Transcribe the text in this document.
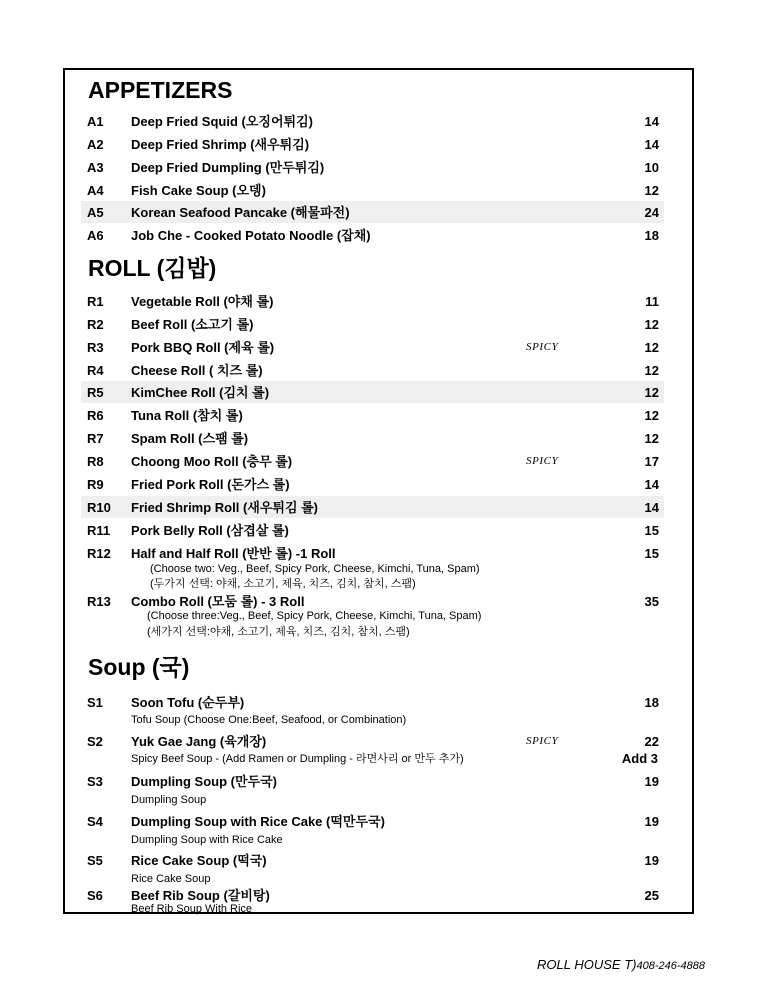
APPETIZERS
A1 Deep Fried Squid (오징어튀김)	14
A2 Deep Fried Shrimp (새우튀김)	14
A3 Deep Fried Dumpling (만두튀김)	10
A4 Fish Cake Soup (오뎅)	12
A5 Korean Seafood Pancake (해물파전)	24
A6 Job Che - Cooked Potato Noodle (잡채)	18
ROLL (김밥)
R1 Vegetable Roll (야채 롤)	11
R2 Beef Roll (소고기 롤)	12
R3 Pork BBQ Roll (제육 롤)	SPICY	12
R4 Cheese Roll ( 치즈 롤)	12
R5 KimChee Roll (김치 롤)	12
R6 Tuna Roll (참치 롤)	12
R7 Spam Roll (스팸 롤)	12
R8 Choong Moo Roll (충무 롤)	SPICY	17
R9 Fried Pork Roll (돈가스 롤)	14
R10 Fried Shrimp Roll (새우튀김 롤)	14
R11 Pork Belly Roll (삼겹살 롤)	15
R12 Half and Half Roll (반반 롤) -1 Roll	15
(Choose two: Veg., Beef, Spicy Pork, Cheese, Kimchi, Tuna, Spam)
(두가지 선택: 야채, 소고기, 제육, 치즈, 김치, 참치, 스팸)
R13 Combo Roll (모둠 롤) - 3 Roll	35
(Choose three:Veg., Beef, Spicy Pork, Cheese, Kimchi, Tuna, Spam)
(세가지 선택:야채, 소고기, 제육, 치즈, 김치, 참치, 스팸)
Soup (국)
S1 Soon Tofu (순두부)	18
Tofu Soup (Choose One:Beef, Seafood, or Combination)
S2 Yuk Gae Jang (육개장)	SPICY	22
Spicy Beef Soup - (Add Ramen or Dumpling - 라면사리 or 만두 추가)	Add 3
S3 Dumpling Soup (만두국)	19
Dumpling Soup
S4 Dumpling Soup with Rice Cake (떡만두국)	19
Dumpling Soup with Rice Cake
S5 Rice Cake Soup (떡국)	19
Rice Cake Soup
S6 Beef Rib Soup (갈비탕)	25
Beef Rib Soup With Rice
ROLL HOUSE T)408-246-4888
